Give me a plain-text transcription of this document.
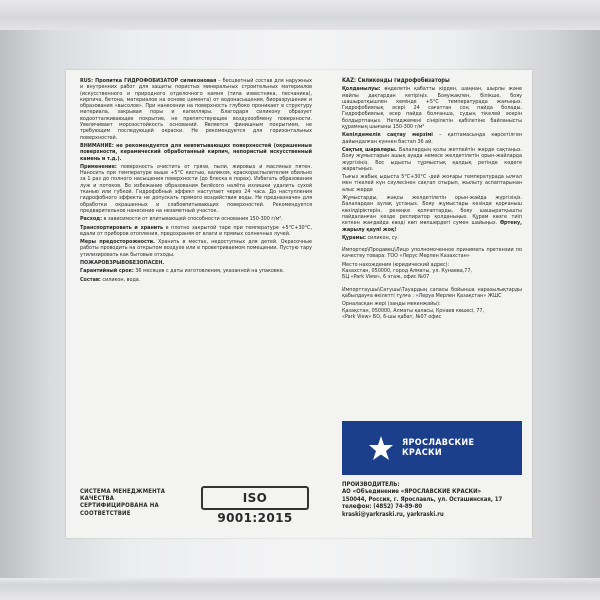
RUS: Пропитка ГИДРОФОБИЗАТОР силиконовая – бесцветный состав для наружных и внутренних работ для защиты пористых минеральных строительных материалов (искусственного и природного отделочного камня (типа известняка, песчаника), кирпича, бетона, материалов на основе цемента) от водонасыщения, биоразрушения и образования «высолов». При нанесении на поверхность глубоко проникает в структуру материала, закрывая поры и капилляры. Благодаря силикону образует водоотталкивающее покрытие, не препятствующее воздухообмену поверхности. Увеличивает морозостойкость оснований. Является финишным покрытием, не требующим последующей окраски. Не рекомендуется для горизонтальных поверхностей.

ВНИМАНИЕ: не рекомендуется для невпитывающих поверхностей (окрашенные поверхности, керамический обработанный кирпич, непористый искусственный камень и т.д.).

Применение: поверхность очистить от грязи, пыли, жировых и масляных пятен. Наносить при температуре выше +5°С кистью, валиком, краскораспылителем обильно за 1 раз до полного насыщения поверхности (до блеска в порах). Избегать образования луж и потеков. Во избежание образования белёсого налёта излишки удалить сухой тканью или губкой. Гидрофобный эффект наступает через 24 часа. До наступления гидрофобного эффекта не допускать прямого воздействия воды. Не предназначен для обработки окрашенных и слабовпитывающих поверхностей. Рекомендуется предварительное нанесение на незаметный участок.

Расход: в зависимости от впитывающей способности основания 150-300 г/м².

Транспортировать и хранить в плотно закрытой таре при температуре +5°С+30°С, вдали от приборов отопления, предохраняя от влаги и прямых солнечных лучей.

Меры предосторожности. Хранить в местах, недоступных для детей. Окрасочные работы проводить на открытом воздухе или в проветриваемом помещении. Пустую тару утилизировать как бытовые отходы.

ПОЖАРОВЗРЫВОБЕЗОПАСЕН.

Гарантийный срок: 36 месяцев с даты изготовления, указанной на упаковке.

Состав: силикон, вода.

KAZ: Силиконды гидрофобизаторы

Қолданылуы: өңделетін қабатты кірден, шаңнан, шырлы және майлы дақтардан кетіріңіз. Бояужақпен, білікше, бояу шашыратқышпен кемінде +5°С температурада жағыңыз. Гидрофобиялық әсері 24 сағаттан соң пайда болады. Гидрофобиялық әсер пайда болғанша, судың тікелей әсерін болдыртпаңыз. Нетиджемені сінірілетін қабілетіне байланысты құрамның шығыны 150-300 г/м²

Кепілдемелік сақтау мерзімі – қаптамасында көрсетілген дайындалған күннен бастап 36 ай.

Сақтық шаралары. Балалардың қолы жетпейтін жерде сақтаңыз. Бояу жұмыстарын ашық ауада немесе желдетілетін орын-жайларда жүргізіңіз. Бос ыдысты тұрмыстық қалдық ретінде кәдеге жаратыңыз.

Тығыз жабық ыдыста 5°С+30°С -дей жоғары температурада ылғал мен тікелей күн сәулесінен сақтап отырып, жылыту аспаптарынан алыс жерде

Жұмыстарды, жақсы желдетілетін орын-жайда жүргізіңіз. Балалардан аулақ ұстаңыз. Бояу жұмыстары кезінде қорғаныш көзілдіріктерін, резеңке қолғаптарды, бояу шашыратқышты пайдаланған кезде респиратор қолданыңыз. Құрам көзге тиіп кеткен жағдайда көзді көп мөлшердегі сумен шайыңыз. Өртену, жарылу қаупі жоқ!

Құрамы: силикон, су.

Импортер\Продавец\Лицо уполномоченное принимать претензии по качеству товара: ТОО «Лерус Мерлен Казахстан»

Место нахождения (юридический адрес):
Казахстан, 050000, город Алматы, ул. Кунаева,77,
БЦ «Park View», 6 этаж, офис №07

Импорттаушы\Сатушы\Тауардың сапасы бойынша наразылықтарды қабылдауға өкілетті тұлға : «Леруа Мерлен Қазақстан» ЖШС

Орналасқан жері (заңды мекенжайы):
Қазақстан, 050000, Алматы қаласы, Қонаев көшесі, 77,
«Park View» БО, 6-шы қабат, №07 офис

ЯРОСЛАВСКИЕ
КРАСКИ
ПРОИЗВОДИТЕЛЬ:
АО «Объединение «ЯРОСЛАВСКИЕ КРАСКИ»
150044, Россия, г. Ярославль, ул. Осташинская, 17
телефон: (4852) 74-89-80
kraski@yarkraski.ru, yarkraski.ru
СИСТЕМА МЕНЕДЖМЕНТА КАЧЕСТВА
СЕРТИФИЦИРОВАНА НА СООТВЕТСТВИЕ
ISO 9001:2015
